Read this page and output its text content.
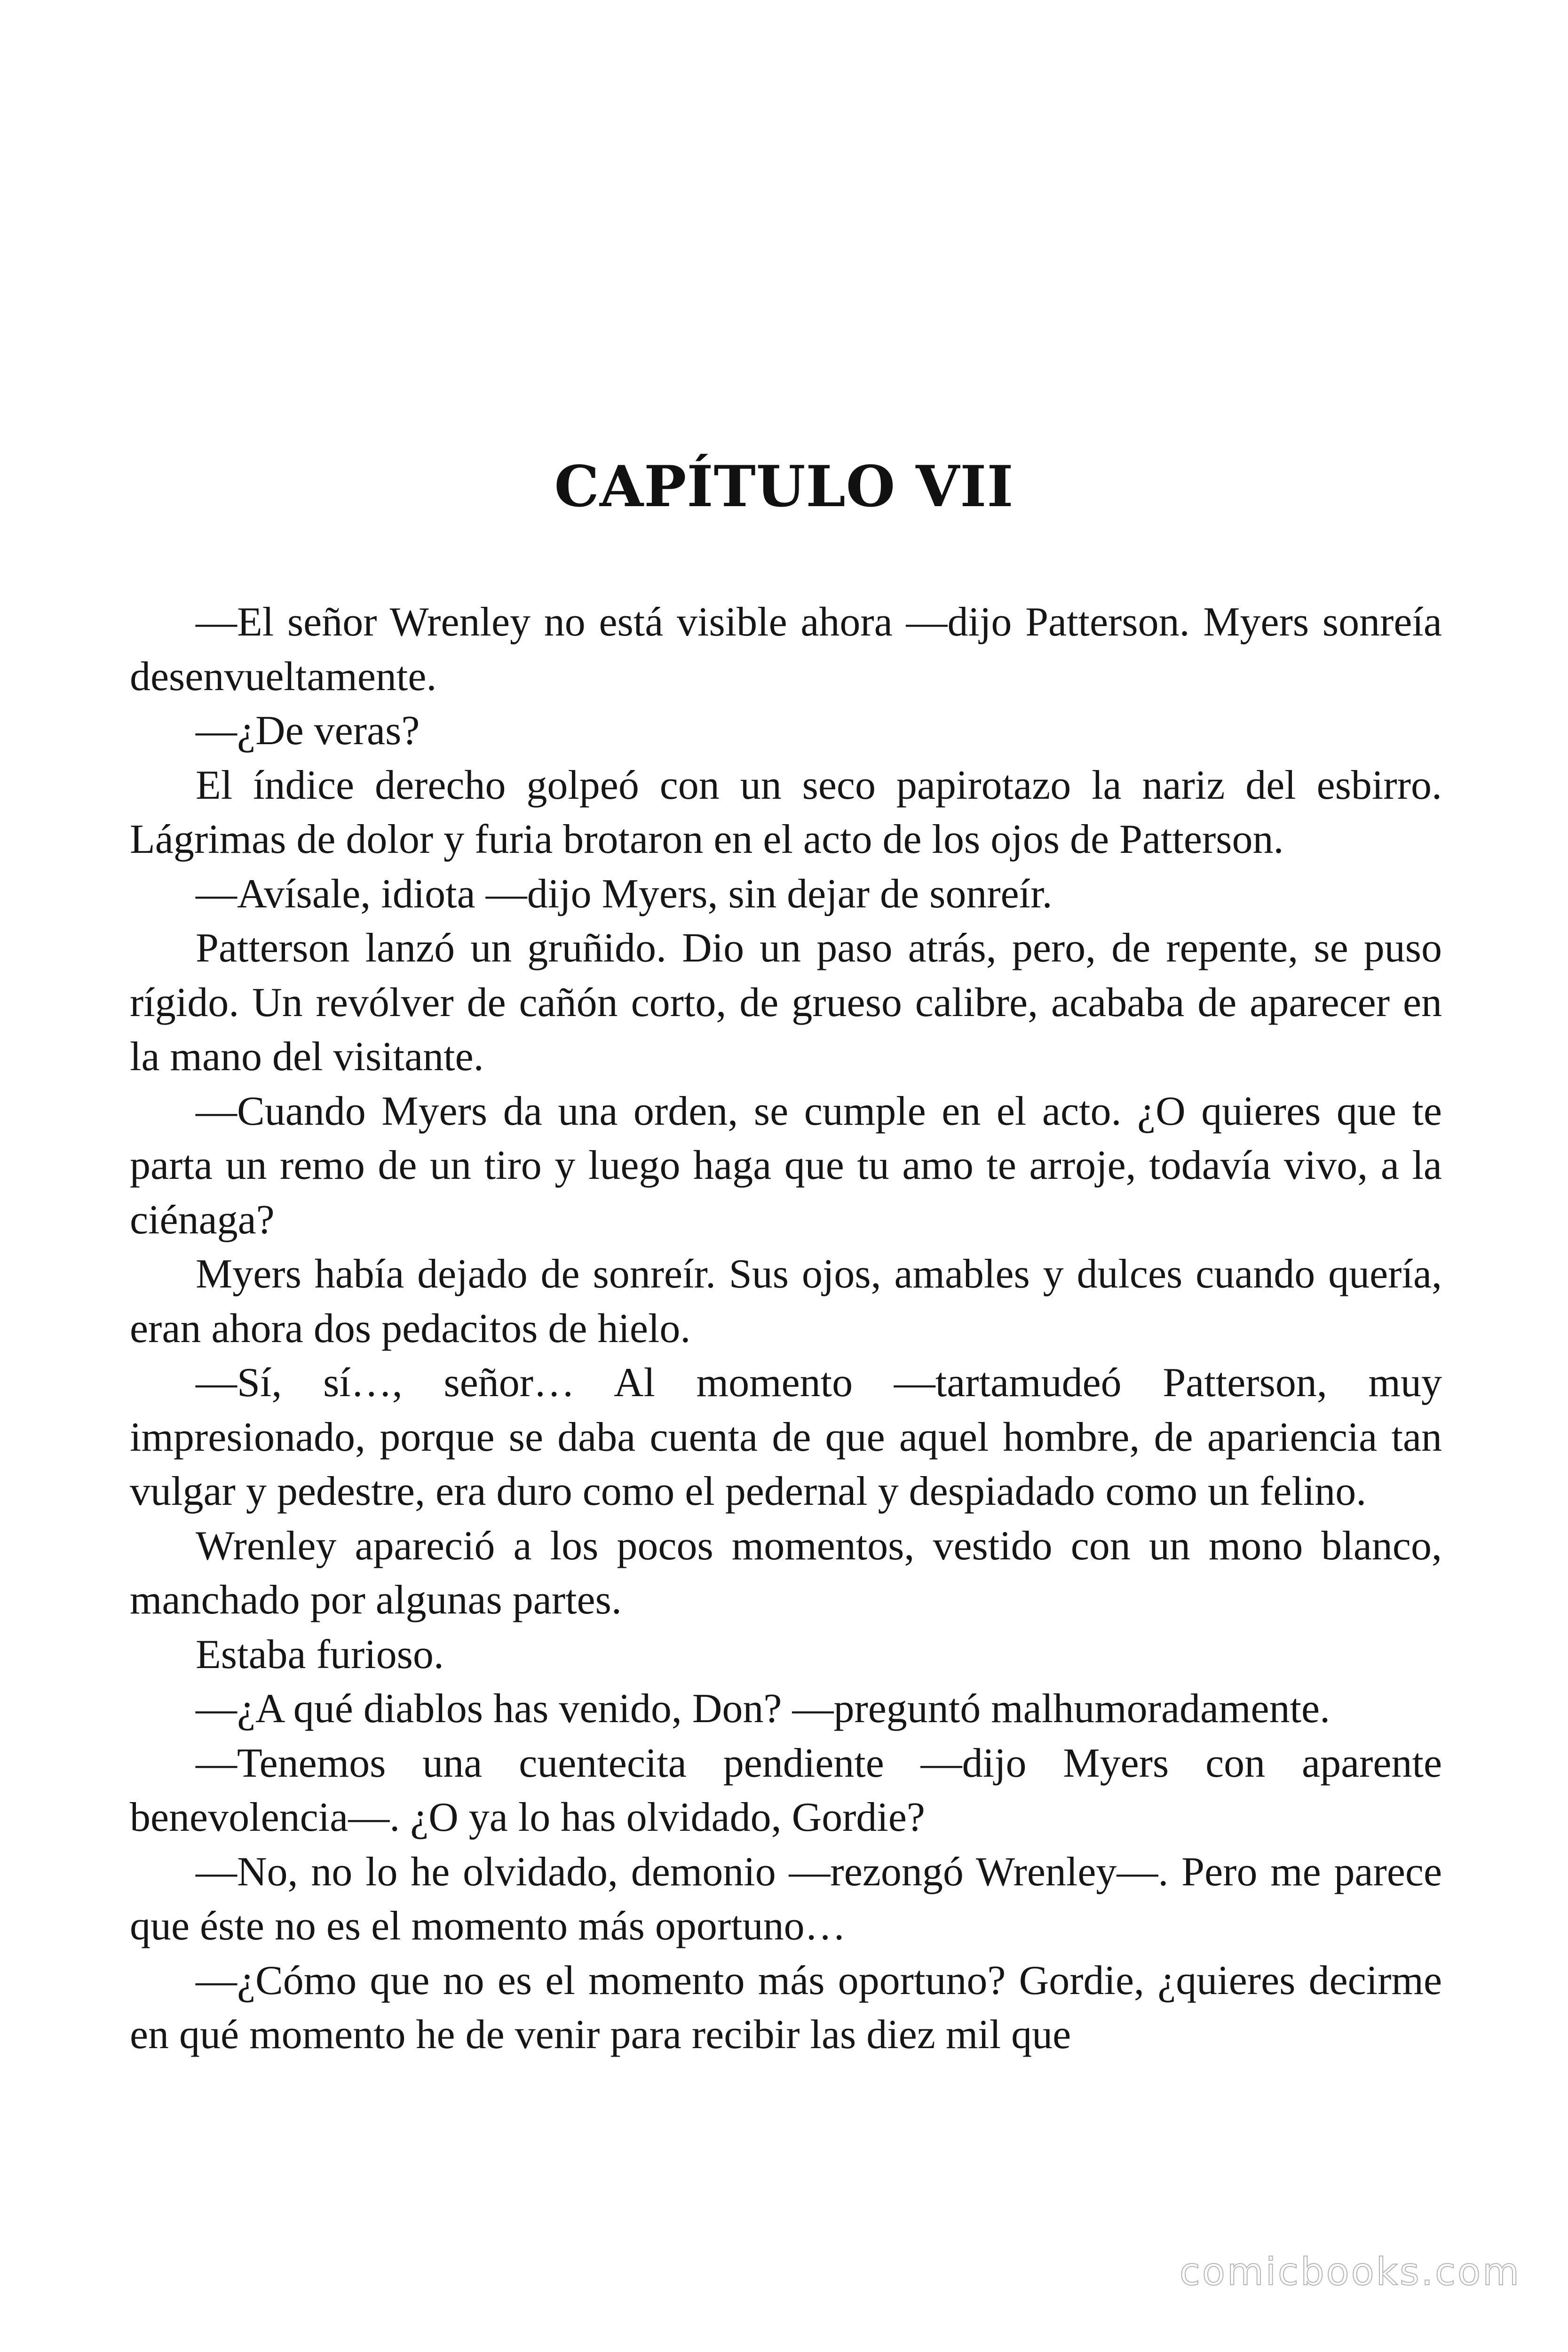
CAPÍTULO VII

—El señor Wrenley no está visible ahora —dijo Patterson. Myers sonreía desenvueltamente.

—¿De veras?

El índice derecho golpeó con un seco papirotazo la nariz del esbirro. Lágrimas de dolor y furia brotaron en el acto de los ojos de Patterson.

—Avísale, idiota —dijo Myers, sin dejar de sonreír.

Patterson lanzó un gruñido. Dio un paso atrás, pero, de repente, se puso rígido. Un revólver de cañón corto, de grueso calibre, acababa de aparecer en la mano del visitante.

—Cuando Myers da una orden, se cumple en el acto. ¿O quieres que te parta un remo de un tiro y luego haga que tu amo te arroje, todavía vivo, a la ciénaga?

Myers había dejado de sonreír. Sus ojos, amables y dulces cuando quería, eran ahora dos pedacitos de hielo.

—Sí, sí…, señor… Al momento —tartamudeó Patterson, muy impresionado, porque se daba cuenta de que aquel hombre, de apariencia tan vulgar y pedestre, era duro como el pedernal y despiadado como un felino.

Wrenley apareció a los pocos momentos, vestido con un mono blanco, manchado por algunas partes.

Estaba furioso.

—¿A qué diablos has venido, Don? —preguntó malhumoradamente.

—Tenemos una cuentecita pendiente —dijo Myers con aparente benevolencia—. ¿O ya lo has olvidado, Gordie?

—No, no lo he olvidado, demonio —rezongó Wrenley—. Pero me parece que éste no es el momento más oportuno…

—¿Cómo que no es el momento más oportuno? Gordie, ¿quieres decirme en qué momento he de venir para recibir las diez mil que

comicbooks.com
